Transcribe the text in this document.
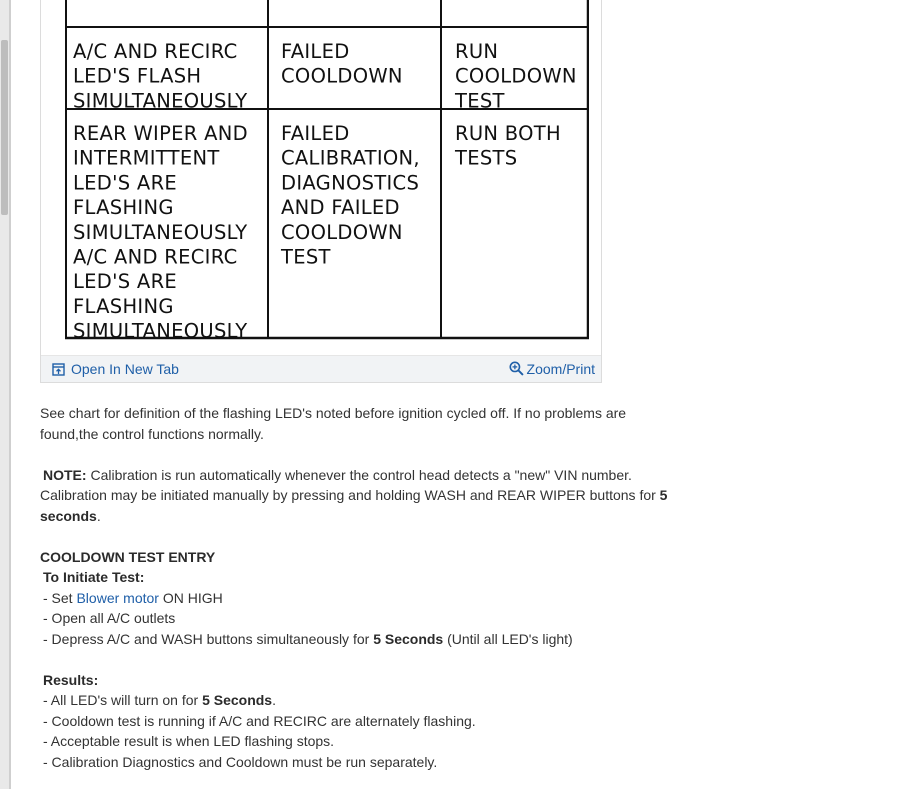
A/C AND RECIRC
LED'S FLASH
SIMULTANEOUSLY
FAILED
COOLDOWN
RUN
COOLDOWN
TEST
REAR WIPER AND
INTERMITTENT
LED'S ARE
FLASHING
SIMULTANEOUSLY
A/C AND RECIRC
LED'S ARE
FLASHING
SIMULTANEOUSLY
FAILED
CALIBRATION,
DIAGNOSTICS
AND FAILED
COOLDOWN
TEST
RUN BOTH
TESTS
Open In New Tab	Zoom/Print

See chart for definition of the flashing LED's noted before ignition cycled off. If no problems are found,the control functions normally.

NOTE: Calibration is run automatically whenever the control head detects a "new" VIN number. Calibration may be initiated manually by pressing and holding WASH and REAR WIPER buttons for 5 seconds.

COOLDOWN TEST ENTRY

To Initiate Test:

- Set Blower motor ON HIGH

- Open all A/C outlets

- Depress A/C and WASH buttons simultaneously for 5 Seconds (Until all LED's light)

Results:

- All LED's will turn on for 5 Seconds.

- Cooldown test is running if A/C and RECIRC are alternately flashing.

- Acceptable result is when LED flashing stops.

- Calibration Diagnostics and Cooldown must be run separately.
